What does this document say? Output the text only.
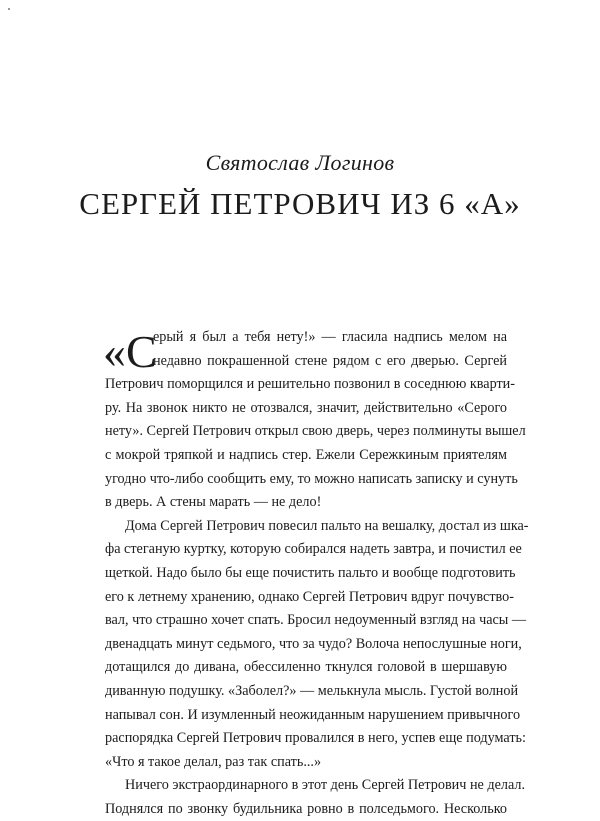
Святослав Логинов
СЕРГЕЙ ПЕТРОВИЧ ИЗ 6 «А»
«С
ерый я был а тебя нету!» — гласила надпись мелом на
недавно покрашенной стене рядом с его дверью. Сергей
Петрович поморщился и решительно позвонил в соседнюю кварти-
ру. На звонок никто не отозвался, значит, действительно «Серого
нету». Сергей Петрович открыл свою дверь, через полминуты вышел
с мокрой тряпкой и надпись стер. Ежели Сережкиным приятелям
угодно что-либо сообщить ему, то можно написать записку и сунуть
в дверь. А стены марать — не дело!
Дома Сергей Петрович повесил пальто на вешалку, достал из шка-
фа стеганую куртку, которую собирался надеть завтра, и почистил ее
щеткой. Надо было бы еще почистить пальто и вообще подготовить
его к летнему хранению, однако Сергей Петрович вдруг почувство-
вал, что страшно хочет спать. Бросил недоуменный взгляд на часы —
двенадцать минут седьмого, что за чудо? Волоча непослушные ноги,
дотащился до дивана, обессиленно ткнулся головой в шершавую
диванную подушку. «Заболел?» — мелькнула мысль. Густой волной
напывал сон. И изумленный неожиданным нарушением привычного
распорядка Сергей Петрович провалился в него, успев еще подумать:
«Что я такое делал, раз так спать...»
Ничего экстраординарного в этот день Сергей Петрович не делал.
Поднялся по звонку будильника ровно в полседьмого. Несколько
